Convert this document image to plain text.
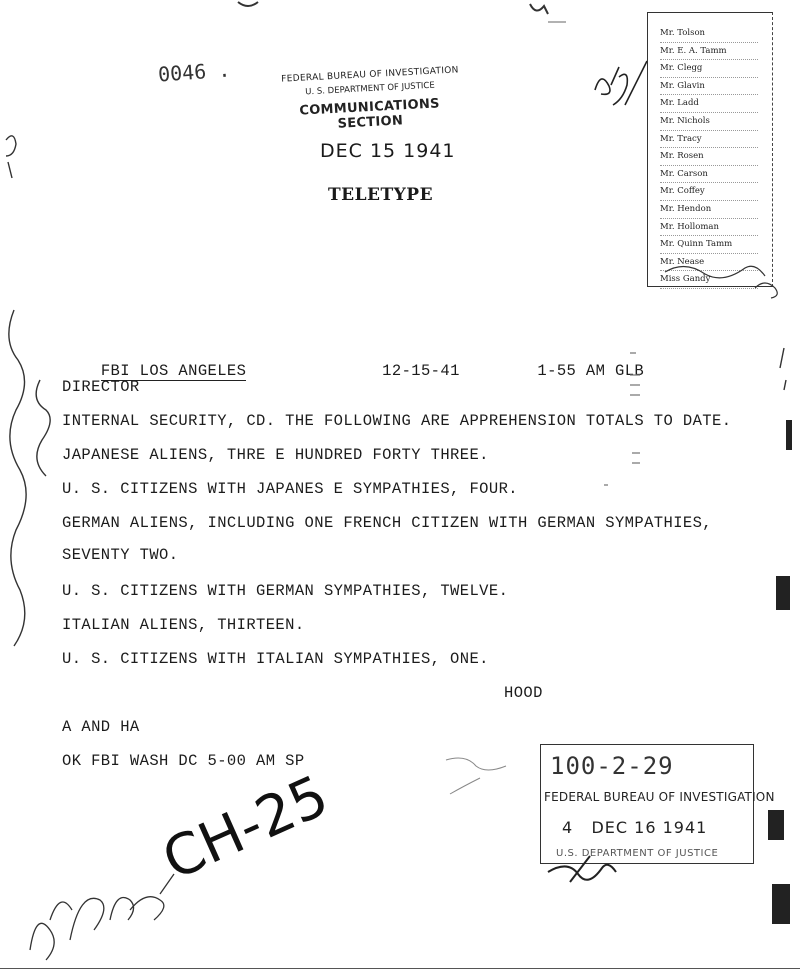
0046 .	FEDERAL BUREAU OF INVESTIGATION
U. S. DEPARTMENT OF JUSTICE
COMMUNICATIONS SECTION
DEC 15 1941
TELETYPE
Mr. Tolson
Mr. E. A. Tamm
Mr. Clegg
Mr. Glavin
Mr. Ladd
Mr. Nichols
Mr. Tracy
Mr. Rosen
Mr. Carson
Mr. Coffey
Mr. Hendon
Mr. Holloman
Mr. Quinn Tamm
Mr. Nease
Miss Gandy

FBI LOS ANGELES	12-15-41	1-55 AM GLB

DIRECTOR
INTERNAL SECURITY, CD. THE FOLLOWING ARE APPREHENSION TOTALS TO DATE.
JAPANESE ALIENS, THRE E HUNDRED FORTY THREE.
U. S. CITIZENS WITH JAPANES E SYMPATHIES, FOUR.
GERMAN ALIENS, INCLUDING ONE FRENCH CITIZEN WITH GERMAN SYMPATHIES,
SEVENTY TWO.
U. S. CITIZENS WITH GERMAN SYMPATHIES, TWELVE.
ITALIAN ALIENS, THIRTEEN.
U. S. CITIZENS WITH ITALIAN SYMPATHIES, ONE.
HOOD
A AND HA
OK FBI WASH DC 5-00 AM SP	100-2-29
FEDERAL BUREAU OF INVESTIGATION
4 DEC 16 1941
U.S. DEPARTMENT OF JUSTICE
CH-25
